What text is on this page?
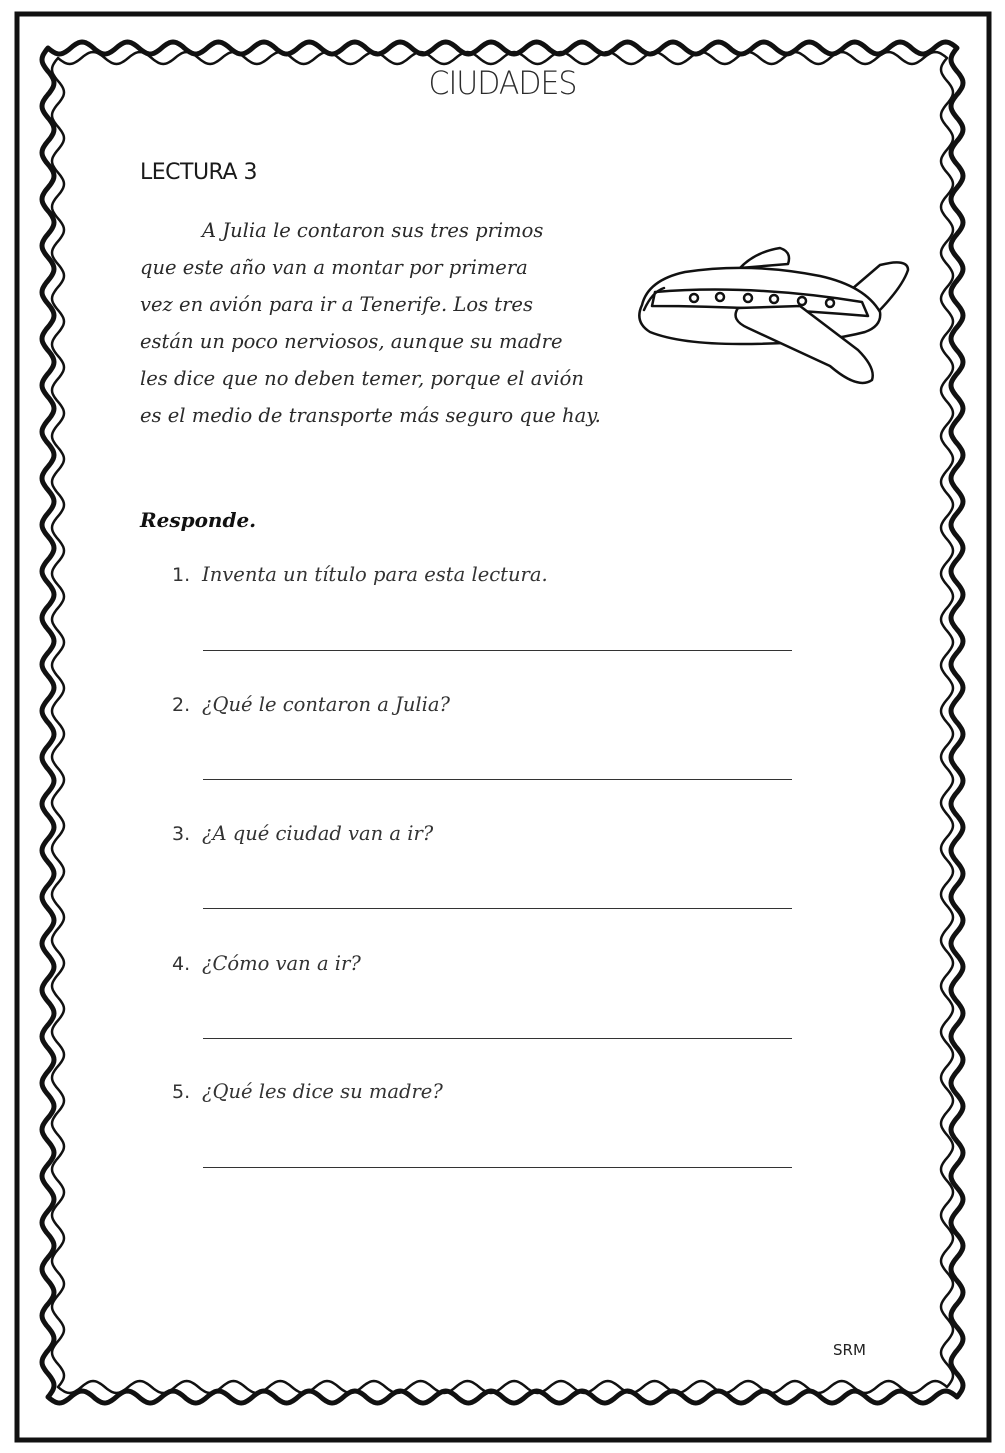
CIUDADES
LECTURA 3
A Julia le contaron sus tres primos
que este año van a montar por primera
vez en avión para ir a Tenerife. Los tres
están un poco nerviosos, aunque su madre
les dice que no deben temer, porque el avión
es el medio de transporte más seguro que hay.
Responde.
1. Inventa un título para esta lectura.
2. ¿Qué le contaron a Julia?
3. ¿A qué ciudad van a ir?
4. ¿Cómo van a ir?
5. ¿Qué les dice su madre?
SRM
